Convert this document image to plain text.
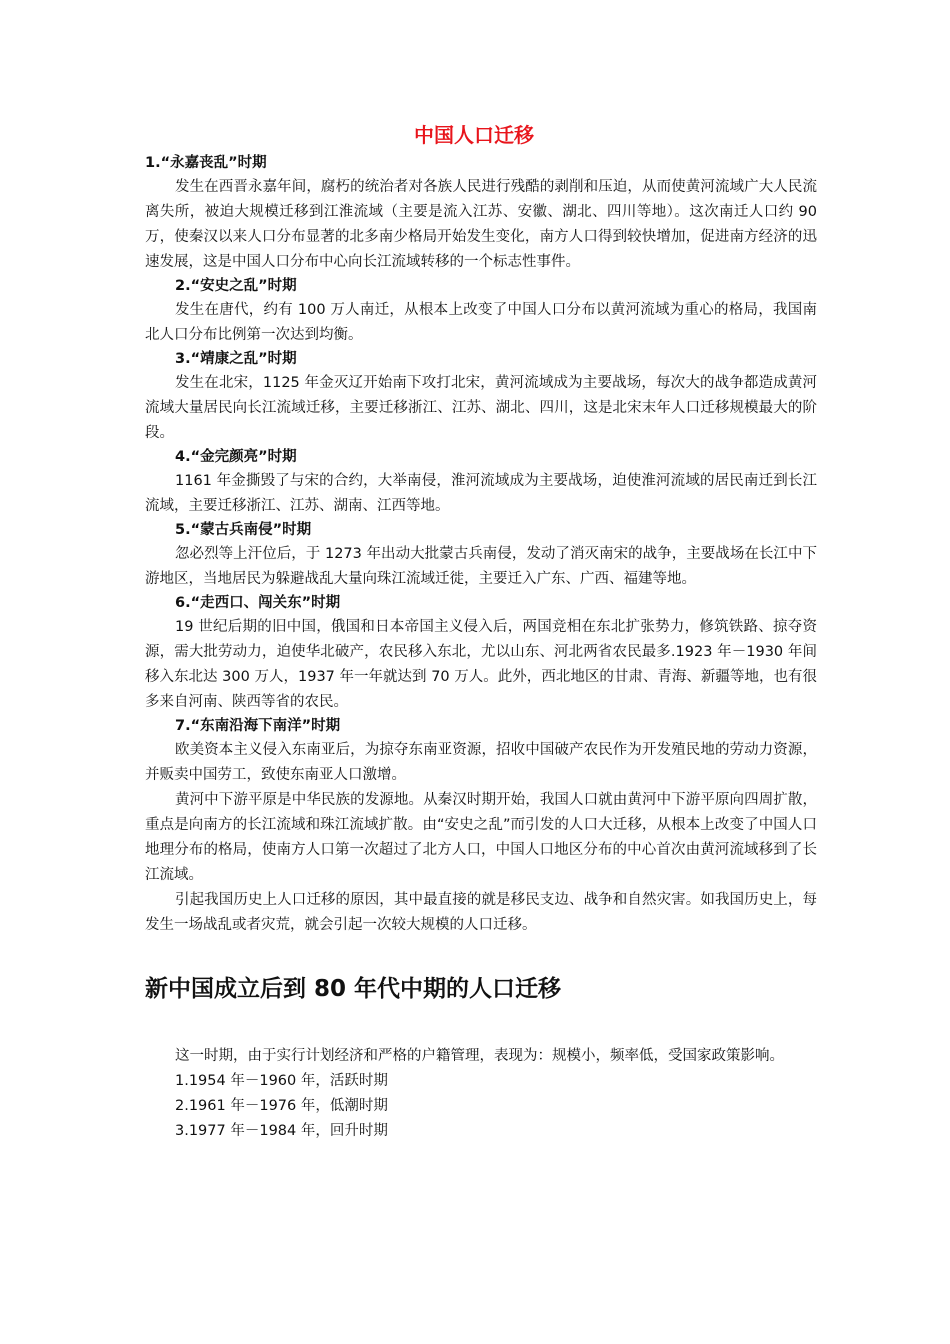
中国人口迁移
1.“永嘉丧乱”时期

发生在西晋永嘉年间，腐朽的统治者对各族人民进行残酷的剥削和压迫，从而使黄河流域广大人民流离失所，被迫大规模迁移到江淮流域（主要是流入江苏、安徽、湖北、四川等地）。这次南迁人口约 90 万，使秦汉以来人口分布显著的北多南少格局开始发生变化，南方人口得到较快增加，促进南方经济的迅速发展，这是中国人口分布中心向长江流域转移的一个标志性事件。

2.“安史之乱”时期

发生在唐代，约有 100 万人南迁，从根本上改变了中国人口分布以黄河流域为重心的格局，我国南北人口分布比例第一次达到均衡。

3.“靖康之乱”时期

发生在北宋，1125 年金灭辽开始南下攻打北宋，黄河流域成为主要战场，每次大的战争都造成黄河流域大量居民向长江流域迁移，主要迁移浙江、江苏、湖北、四川，这是北宋末年人口迁移规模最大的阶段。

4.“金完颜亮”时期

1161 年金撕毁了与宋的合约，大举南侵，淮河流域成为主要战场，迫使淮河流域的居民南迁到长江流域，主要迁移浙江、江苏、湖南、江西等地。

5.“蒙古兵南侵”时期

忽必烈等上汗位后，于 1273 年出动大批蒙古兵南侵，发动了消灭南宋的战争，主要战场在长江中下游地区，当地居民为躲避战乱大量向珠江流域迁徙，主要迁入广东、广西、福建等地。

6.“走西口、闯关东”时期

19 世纪后期的旧中国，俄国和日本帝国主义侵入后，两国竞相在东北扩张势力，修筑铁路、掠夺资源，需大批劳动力，迫使华北破产，农民移入东北，尤以山东、河北两省农民最多.1923 年－1930 年间移入东北达 300 万人，1937 年一年就达到 70 万人。此外，西北地区的甘肃、青海、新疆等地，也有很多来自河南、陕西等省的农民。

7.“东南沿海下南洋”时期

欧美资本主义侵入东南亚后，为掠夺东南亚资源，招收中国破产农民作为开发殖民地的劳动力资源，并贩卖中国劳工，致使东南亚人口激增。

黄河中下游平原是中华民族的发源地。从秦汉时期开始，我国人口就由黄河中下游平原向四周扩散，重点是向南方的长江流域和珠江流域扩散。由“安史之乱”而引发的人口大迁移，从根本上改变了中国人口地理分布的格局，使南方人口第一次超过了北方人口，中国人口地区分布的中心首次由黄河流域移到了长江流域。

引起我国历史上人口迁移的原因，其中最直接的就是移民支边、战争和自然灾害。如我国历史上，每发生一场战乱或者灾荒，就会引起一次较大规模的人口迁移。

新中国成立后到 80 年代中期的人口迁移

这一时期，由于实行计划经济和严格的户籍管理，表现为：规模小，频率低，受国家政策影响。

1.1954 年－1960 年，活跃时期

2.1961 年－1976 年，低潮时期

3.1977 年－1984 年，回升时期
